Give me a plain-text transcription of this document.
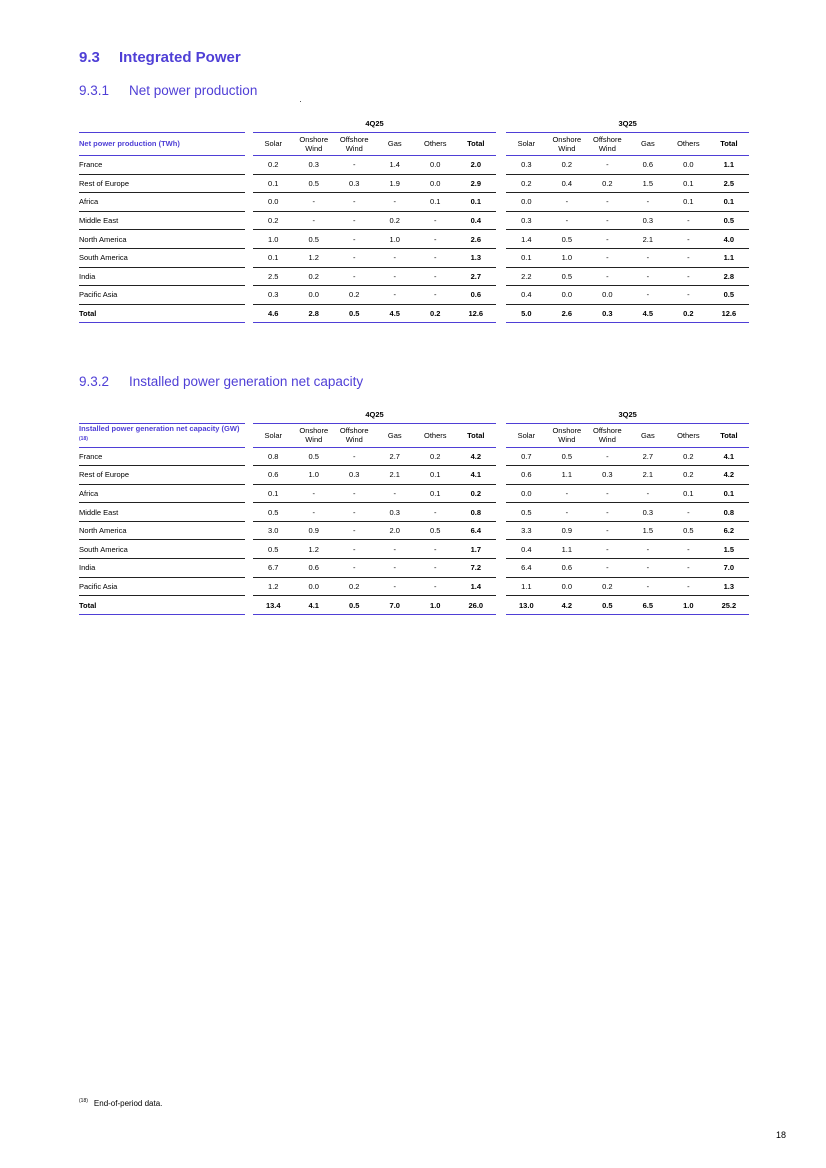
9.3 Integrated Power
9.3.1 Net power production
		4Q25							3Q25					
Net power production (TWh)		Solar	Onshore
Wind	Offshore
Wind	Gas	Others	Total		Solar	Onshore
Wind	Offshore
Wind	Gas	Others	Total
France		0.2	0.3	-	1.4	0.0	2.0		0.3	0.2	-	0.6	0.0	1.1
Rest of Europe		0.1	0.5	0.3	1.9	0.0	2.9		0.2	0.4	0.2	1.5	0.1	2.5
Africa		0.0	-	-	-	0.1	0.1		0.0	-	-	-	0.1	0.1
Middle East		0.2	-	-	0.2	-	0.4		0.3	-	-	0.3	-	0.5
North America		1.0	0.5	-	1.0	-	2.6		1.4	0.5	-	2.1	-	4.0
South America		0.1	1.2	-	-	-	1.3		0.1	1.0	-	-	-	1.1
India		2.5	0.2	-	-	-	2.7		2.2	0.5	-	-	-	2.8
Pacific Asia		0.3	0.0	0.2	-	-	0.6		0.4	0.0	0.0	-	-	0.5
Total		4.6	2.8	0.5	4.5	0.2	12.6		5.0	2.6	0.3	4.5	0.2	12.6
9.3.2 Installed power generation net capacity
		4Q25							3Q25					
Installed power generation net capacity (GW) $^{(18)}$		Solar	Onshore
Wind	Offshore
Wind	Gas	Others	Total		Solar	Onshore
Wind	Offshore
Wind	Gas	Others	Total
France		0.8	0.5	-	2.7	0.2	4.2		0.7	0.5	-	2.7	0.2	4.1
Rest of Europe		0.6	1.0	0.3	2.1	0.1	4.1		0.6	1.1	0.3	2.1	0.2	4.2
Africa		0.1	-	-	-	0.1	0.2		0.0	-	-	-	0.1	0.1
Middle East		0.5	-	-	0.3	-	0.8		0.5	-	-	0.3	-	0.8
North America		3.0	0.9	-	2.0	0.5	6.4		3.3	0.9	-	1.5	0.5	6.2
South America		0.5	1.2	-	-	-	1.7		0.4	1.1	-	-	-	1.5
India		6.7	0.6	-	-	-	7.2		6.4	0.6	-	-	-	7.0
Pacific Asia		1.2	0.0	0.2	-	-	1.4		1.1	0.0	0.2	-	-	1.3
Total		13.4	4.1	0.5	7.0	1.0	26.0		13.0	4.2	0.5	6.5	1.0	25.2
$^{(18)}$ End-of-period data.
18
